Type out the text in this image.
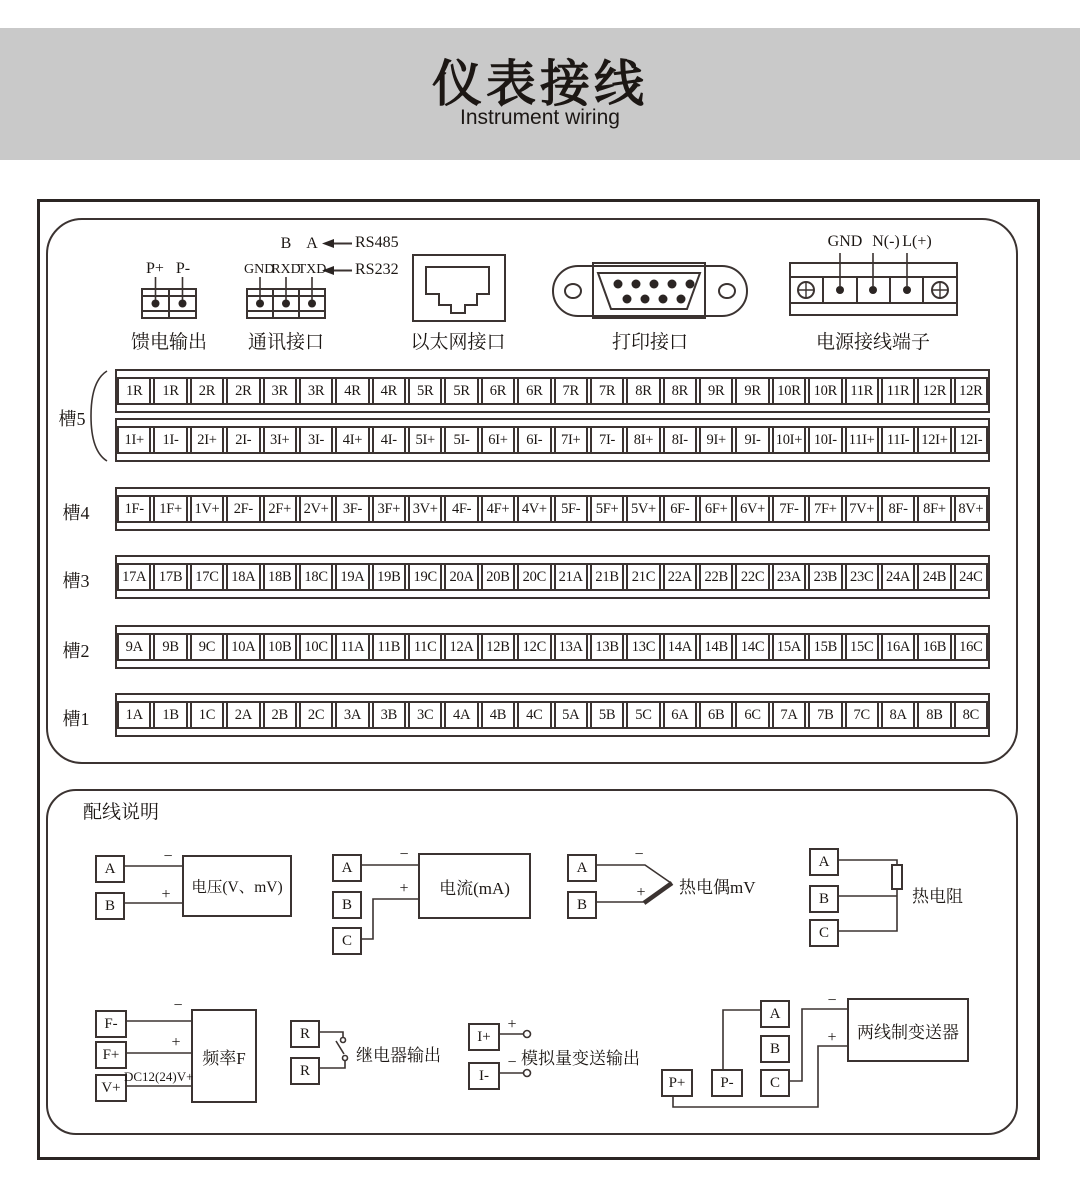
仪表接线
Instrument wiring
P+ P-
馈电输出
GND
RXD
TXD
B A RS485
RS232
通讯接口	以太网接口	打印接口
GND N(-) L(+)
电源接线端子
槽5
槽4
槽3
槽2
槽1
1R	1R	2R	2R	3R	3R	4R	4R	5R	5R	6R	6R	7R	7R	8R	8R	9R	9R	10R 10R 11R 11R 12R 12R
1I+	1I-	2I+	2I-	3I+	3I-	4I+	4I-	5I+	5I-	6I+	6I-	7I+	7I-	8I+	8I-	9I+	9I-	10I+ 10I- 11I+ 11I- 12I+ 12I-
1F-	1F+ 1V+ 2F-	2F+ 2V+ 3F-	3F+ 3V+ 4F-	4F+ 4V+ 5F-	5F+ 5V+ 6F-	6F+ 6V+ 7F-	7F+ 7V+ 8F-	8F+ 8V+
17A 17B 17C 18A 18B 18C 19A 19B 19C 20A 20B 20C 21A 21B 21C 22A 22B 22C 23A 23B 23C 24A 24B 24C
9A	9B	9C	10A 10B 10C 11A 11B 11C 12A 12B 12C 13A 13B 13C 14A 14B 14C 15A 15B 15C 16A 16B 16C
1A	1B	1C	2A	2B	2C	3A	3B	3C	4A	4B	4C	5A	5B	5C	6A	6B	6C	7A	7B	7C	8A	8B	8C
配线说明
A
B
电压(V、mV)
−
+
A
B
C
电流(mA)
−
+
A
B
−
+ 热电偶mV
A
B
C
热电阻
F-
F+
V+
频率F
−
+
DC12(24)V+
R
R
继电器输出
I+
I-
+
− 模拟量变送输出
A
B
C
P+	P-
两线制变送器
−
+
